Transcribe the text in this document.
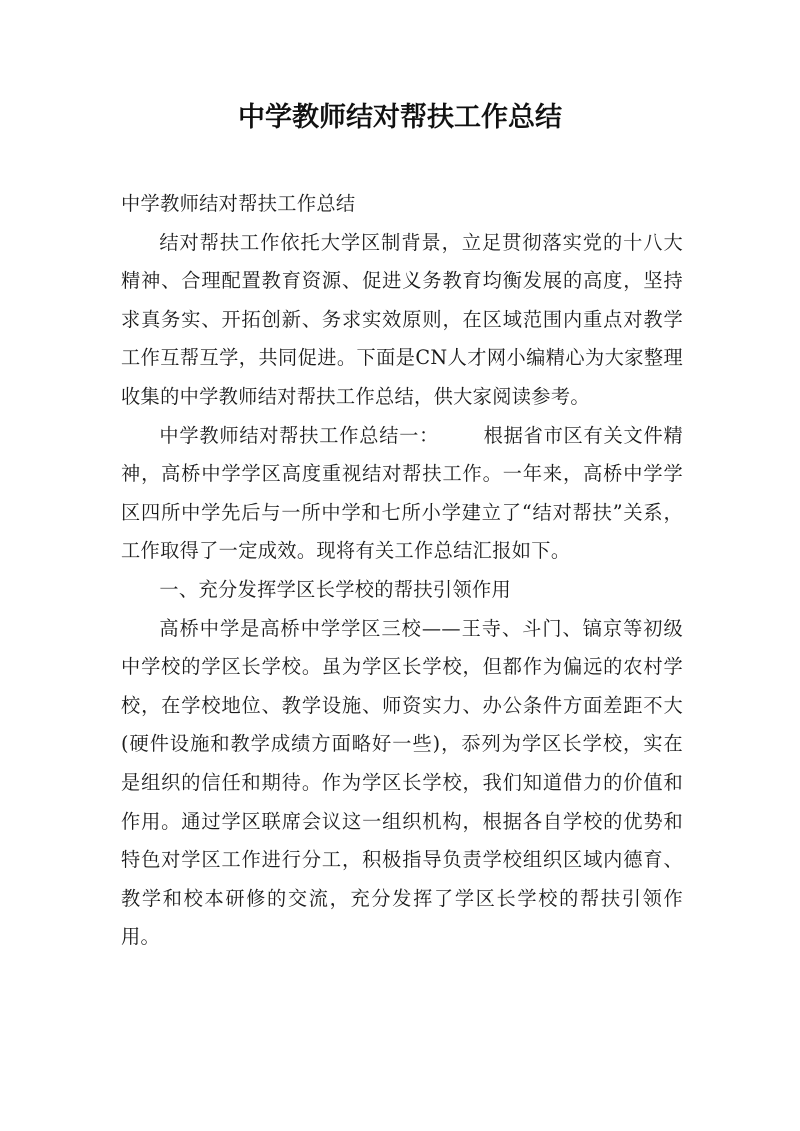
中学教师结对帮扶工作总结

中学教师结对帮扶工作总结

结对帮扶工作依托大学区制背景，立足贯彻落实党的十八大精神、合理配置教育资源、促进义务教育均衡发展的高度，坚持求真务实、开拓创新、务求实效原则，在区域范围内重点对教学工作互帮互学，共同促进。下面是CN人才网小编精心为大家整理收集的中学教师结对帮扶工作总结，供大家阅读参考。

中学教师结对帮扶工作总结一： 根据省市区有关文件精神，高桥中学学区高度重视结对帮扶工作。一年来，高桥中学学区四所中学先后与一所中学和七所小学建立了“结对帮扶”关系，工作取得了一定成效。现将有关工作总结汇报如下。

一、充分发挥学区长学校的帮扶引领作用

高桥中学是高桥中学学区三校——王寺、斗门、镐京等初级中学校的学区长学校。虽为学区长学校，但都作为偏远的农村学校，在学校地位、教学设施、师资实力、办公条件方面差距不大(硬件设施和教学成绩方面略好一些)，忝列为学区长学校，实在是组织的信任和期待。作为学区长学校，我们知道借力的价值和作用。通过学区联席会议这一组织机构，根据各自学校的优势和特色对学区工作进行分工，积极指导负责学校组织区域内德育、教学和校本研修的交流，充分发挥了学区长学校的帮扶引领作用。
